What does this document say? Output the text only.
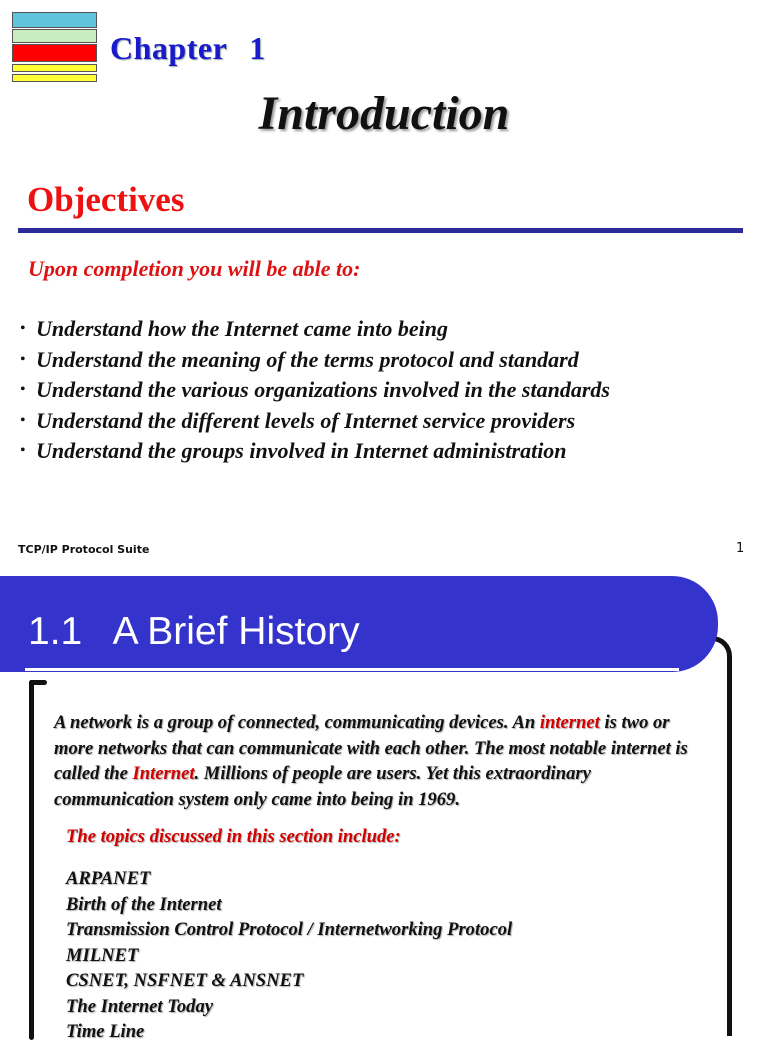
Chapter 1
Introduction
Objectives
Upon completion you will be able to:
• Understand how the Internet came into being
• Understand the meaning of the terms protocol and standard
• Understand the various organizations involved in the standards
• Understand the different levels of Internet service providers
• Understand the groups involved in Internet administration
TCP/IP Protocol Suite	1
1.1   A Brief History
A network is a group of connected, communicating devices. An internet is two or more networks that can communicate with each other. The most notable internet is called the Internet. Millions of people are users. Yet this extraordinary communication system only came into being in 1969.
The topics discussed in this section include:
ARPANET
Birth of the Internet
Transmission Control Protocol / Internetworking Protocol
MILNET
CSNET, NSFNET & ANSNET
The Internet Today
Time Line
